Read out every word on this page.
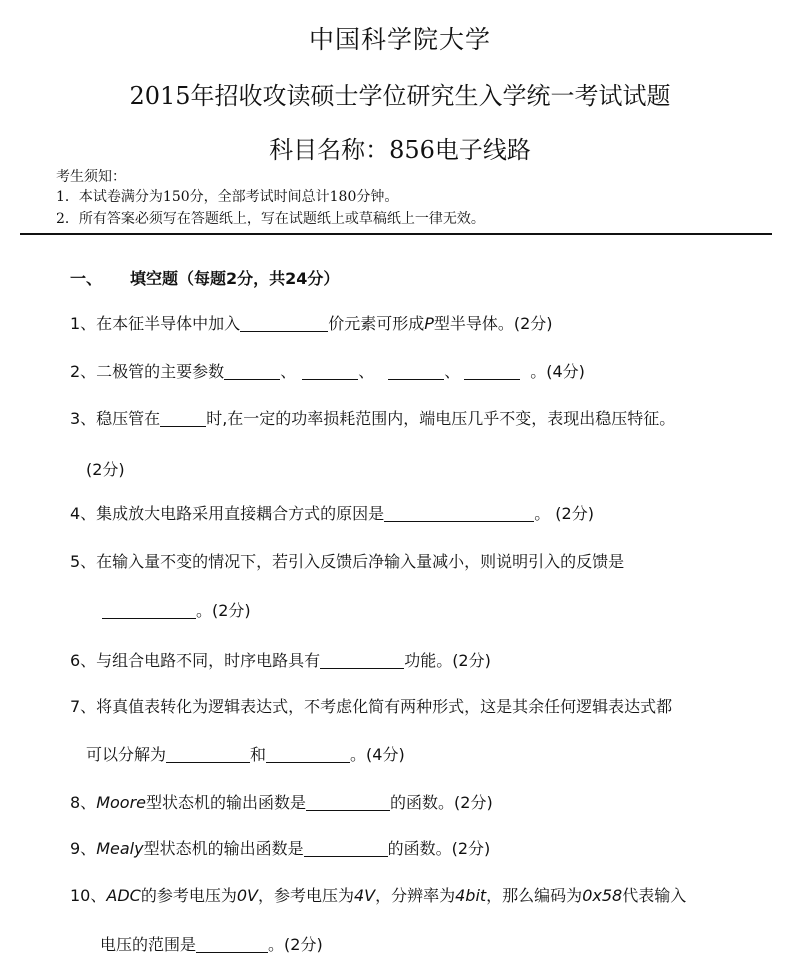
中国科学院大学
2015年招收攻读硕士学位研究生入学统一考试试题
科目名称：856电子线路
考生须知：
1．本试卷满分为150分，全部考试时间总计180分钟。
2．所有答案必须写在答题纸上，写在试题纸上或草稿纸上一律无效。
一、 填空题（每题2分，共24分）
1、在本征半导体中加入	价元素可形成P型半导体。(2分)
2、二极管的主要参数	、	、	、	。(4分)
3、稳压管在	时,在一定的功率损耗范围内，端电压几乎不变，表现出稳压特征。
(2分)
4、集成放大电路采用直接耦合方式的原因是	。 (2分)
5、在输入量不变的情况下，若引入反馈后净输入量减小，则说明引入的反馈是
。(2分)
6、与组合电路不同，时序电路具有	功能。(2分)
7、将真值表转化为逻辑表达式，不考虑化简有两种形式，这是其余任何逻辑表达式都
可以分解为	和	。(4分)
8、Moore型状态机的输出函数是	的函数。(2分)
9、Mealy型状态机的输出函数是	的函数。(2分)
10、ADC的参考电压为0V，参考电压为4V，分辨率为4bit，那么编码为0x58代表输入
电压的范围是	。(2分)
